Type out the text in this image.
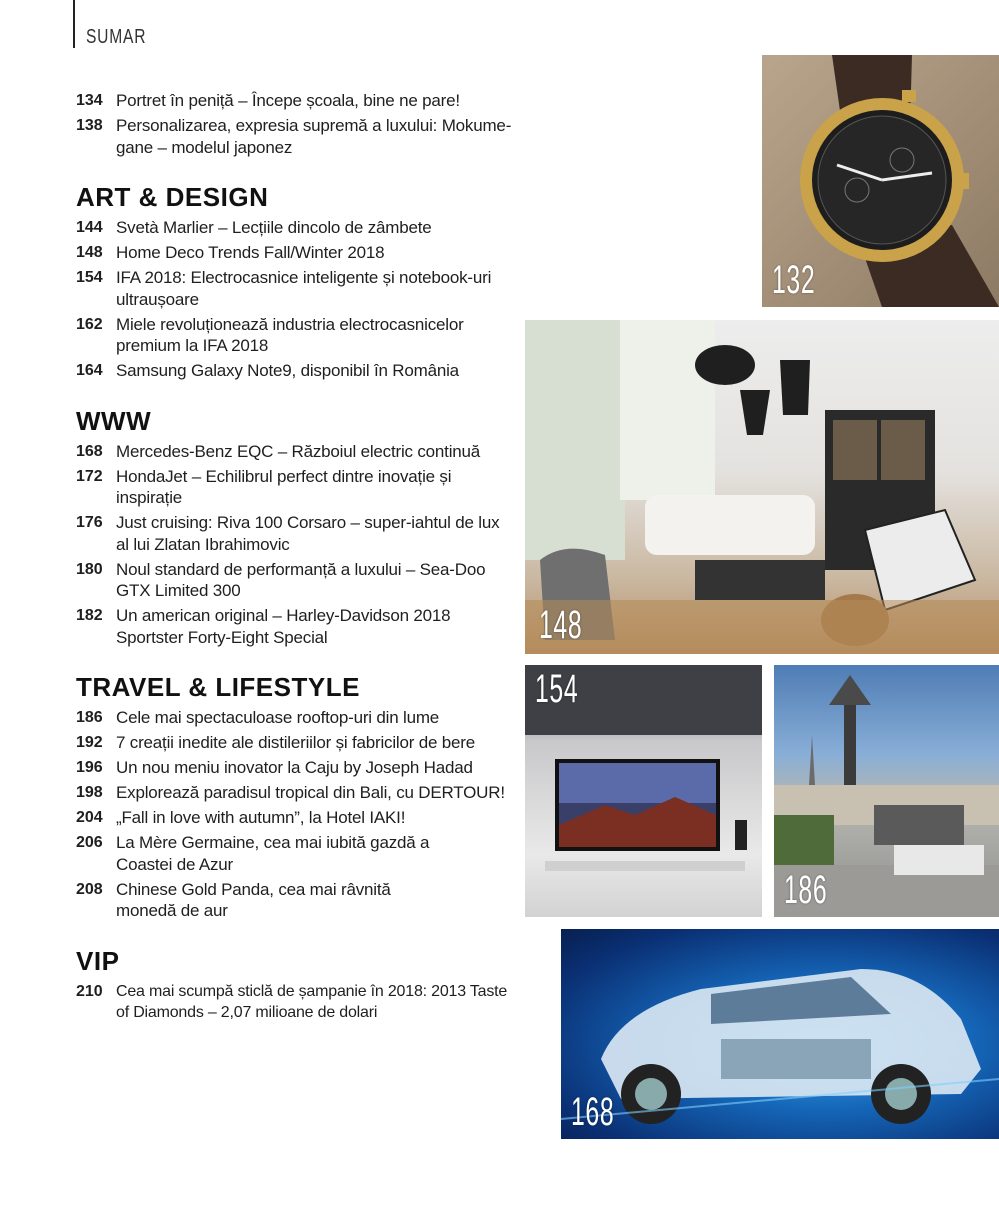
SUMAR
134 Portret în peniță – Începe școala, bine ne pare!
138 Personalizarea, expresia supremă a luxului: Mokume-gane – modelul japonez
ART & DESIGN
144 Svetà Marlier – Lecțiile dincolo de zâmbete
148 Home Deco Trends Fall/Winter 2018
154 IFA 2018: Electrocasnice inteligente și notebook-uri ultraușoare
162 Miele revoluționează industria electrocasnicelor premium la IFA 2018
164 Samsung Galaxy Note9, disponibil în România
WWW
168 Mercedes-Benz EQC – Războiul electric continuă
172 HondaJet – Echilibrul perfect dintre inovație și inspirație
176 Just cruising: Riva 100 Corsaro – super-iahtul de lux al lui Zlatan Ibrahimovic
180 Noul standard de performanță a luxului – Sea-Doo GTX Limited 300
182 Un american original – Harley-Davidson 2018 Sportster Forty-Eight Special
TRAVEL & LIFESTYLE
186 Cele mai spectaculoase rooftop-uri din lume
192 7 creații inedite ale distileriilor și fabricilor de bere
196 Un nou meniu inovator la Caju by Joseph Hadad
198 Explorează paradisul tropical din Bali, cu DERTOUR!
204 „Fall in love with autumn”, la Hotel IAKI!
206 La Mère Germaine, cea mai iubită gazdă a Coastei de Azur
208 Chinese Gold Panda, cea mai râvnită monedă de aur
VIP
210 Cea mai scumpă sticlă de șampanie în 2018: 2013 Taste of Diamonds – 2,07 milioane de dolari
132
148
154
186
168
